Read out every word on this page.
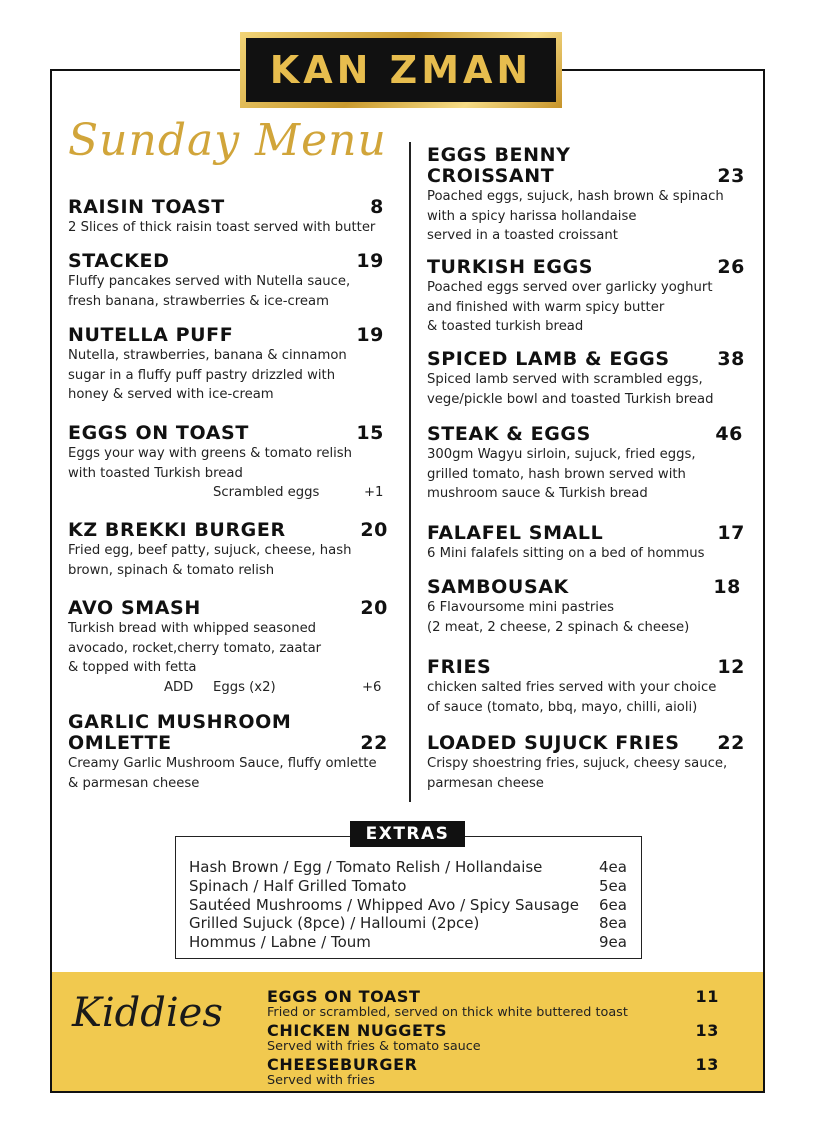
KAN ZMAN
Sunday Menu
RAISIN TOAST	8
2 Slices of thick raisin toast served with butter
STACKED	19
Fluffy pancakes served with Nutella sauce,
fresh banana, strawberries & ice-cream
NUTELLA PUFF	19
Nutella, strawberries, banana & cinnamon
sugar in a fluffy puff pastry drizzled with
honey & served with ice-cream
EGGS ON TOAST	15
Eggs your way with greens & tomato relish
with toasted Turkish bread
Scrambled eggs	+1
KZ BREKKI BURGER	20
Fried egg, beef patty, sujuck, cheese, hash
brown, spinach & tomato relish
AVO SMASH	20
Turkish bread with whipped seasoned
avocado, rocket,cherry tomato, zaatar
& topped with fetta
ADD Eggs (x2)	+6
GARLIC MUSHROOM
OMLETTE	22
Creamy Garlic Mushroom Sauce, fluffy omlette
& parmesan cheese
EGGS BENNY
CROISSANT	23
Poached eggs, sujuck, hash brown & spinach
with a spicy harissa hollandaise
served in a toasted croissant
TURKISH EGGS	26
Poached eggs served over garlicky yoghurt
and finished with warm spicy butter
& toasted turkish bread
SPICED LAMB & EGGS	38
Spiced lamb served with scrambled eggs,
vege/pickle bowl and toasted Turkish bread
STEAK & EGGS	46
300gm Wagyu sirloin, sujuck, fried eggs,
grilled tomato, hash brown served with
mushroom sauce & Turkish bread
FALAFEL SMALL	17
6 Mini falafels sitting on a bed of hommus
SAMBOUSAK	18
6 Flavoursome mini pastries
(2 meat, 2 cheese, 2 spinach & cheese)
FRIES	12
chicken salted fries served with your choice
of sauce (tomato, bbq, mayo, chilli, aioli)
LOADED SUJUCK FRIES 22
Crispy shoestring fries, sujuck, cheesy sauce,
parmesan cheese
EXTRAS
Hash Brown / Egg / Tomato Relish / Hollandaise	4ea
Spinach / Half Grilled Tomato	5ea
Sautéed Mushrooms / Whipped Avo / Spicy Sausage 6ea
Grilled Sujuck (8pce) / Halloumi (2pce)	8ea
Hommus / Labne / Toum	9ea
Kiddies	EGGS ON TOAST	11
Fried or scrambled, served on thick white buttered toast
CHICKEN NUGGETS	13
Served with fries & tomato sauce
CHEESEBURGER	13
Served with fries
